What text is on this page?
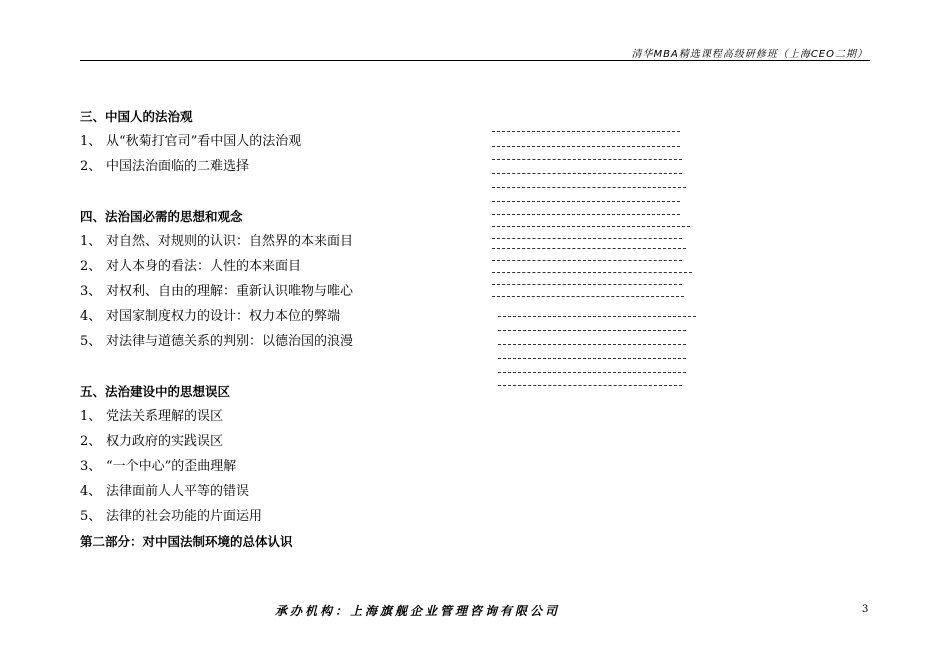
清华MBA精选课程高级研修班（上海CEO二期）
三、中国人的法治观
1、 从“秋菊打官司”看中国人的法治观
2、 中国法治面临的二难选择
四、法治国必需的思想和观念
1、 对自然、对规则的认识：自然界的本来面目
2、 对人本身的看法：人性的本来面目
3、 对权利、自由的理解：重新认识唯物与唯心
4、 对国家制度权力的设计：权力本位的弊端
5、 对法律与道德关系的判别：以德治国的浪漫
五、法治建设中的思想误区
1、 党法关系理解的误区
2、 权力政府的实践误区
3、 “一个中心”的歪曲理解
4、 法律面前人人平等的错误
5、 法律的社会功能的片面运用
第二部分：对中国法制环境的总体认识
承办机构：上海旗舰企业管理咨询有限公司	3
